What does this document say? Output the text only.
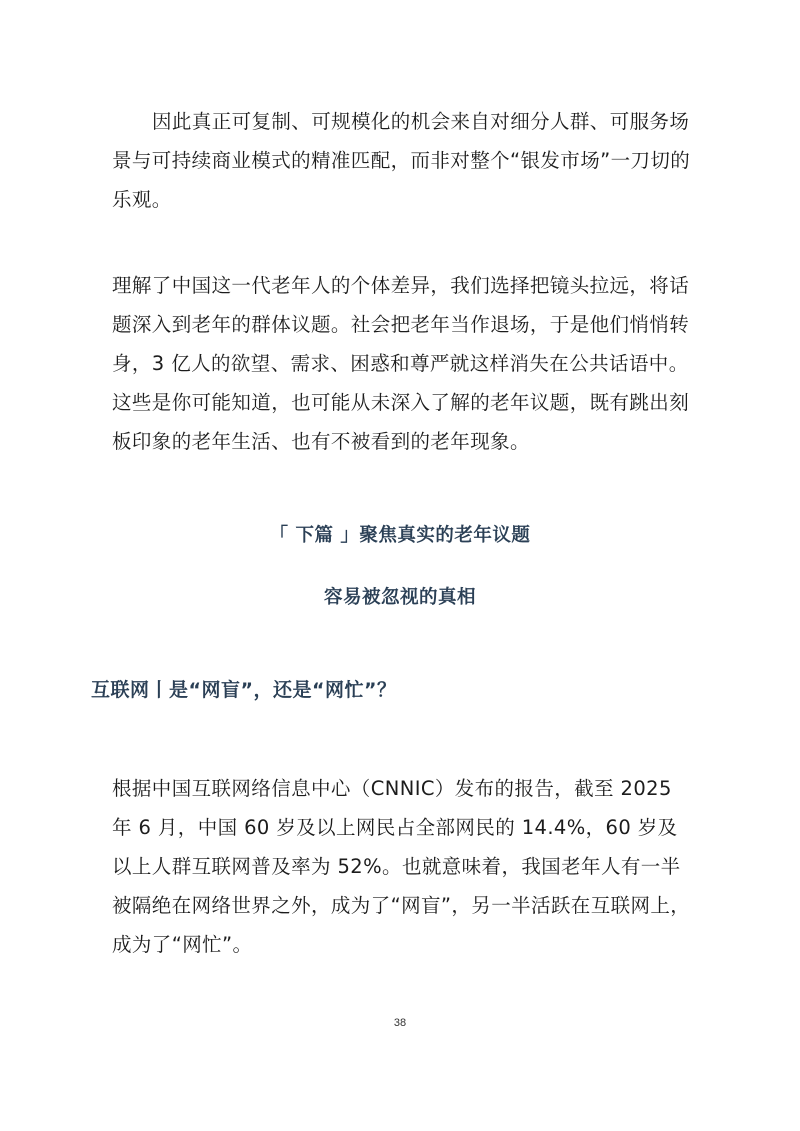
因此真正可复制、可规模化的机会来自对细分人群、可服务场景与可持续商业模式的精准匹配，而非对整个“银发市场”一刀切的乐观。

理解了中国这一代老年人的个体差异，我们选择把镜头拉远，将话题深入到老年的群体议题。社会把老年当作退场，于是他们悄悄转身，3 亿人的欲望、需求、困惑和尊严就这样消失在公共话语中。这些是你可能知道，也可能从未深入了解的老年议题，既有跳出刻板印象的老年生活、也有不被看到的老年现象。

「 下篇 」聚焦真实的老年议题
容易被忽视的真相
互联网丨是“网盲”，还是“网忙”？

根据中国互联网络信息中心（CNNIC）发布的报告，截至 2025 年 6 月，中国 60 岁及以上网民占全部网民的 14.4%，60 岁及以上人群互联网普及率为 52%。也就意味着，我国老年人有一半被隔绝在网络世界之外，成为了“网盲”，另一半活跃在互联网上，成为了“网忙”。

38
